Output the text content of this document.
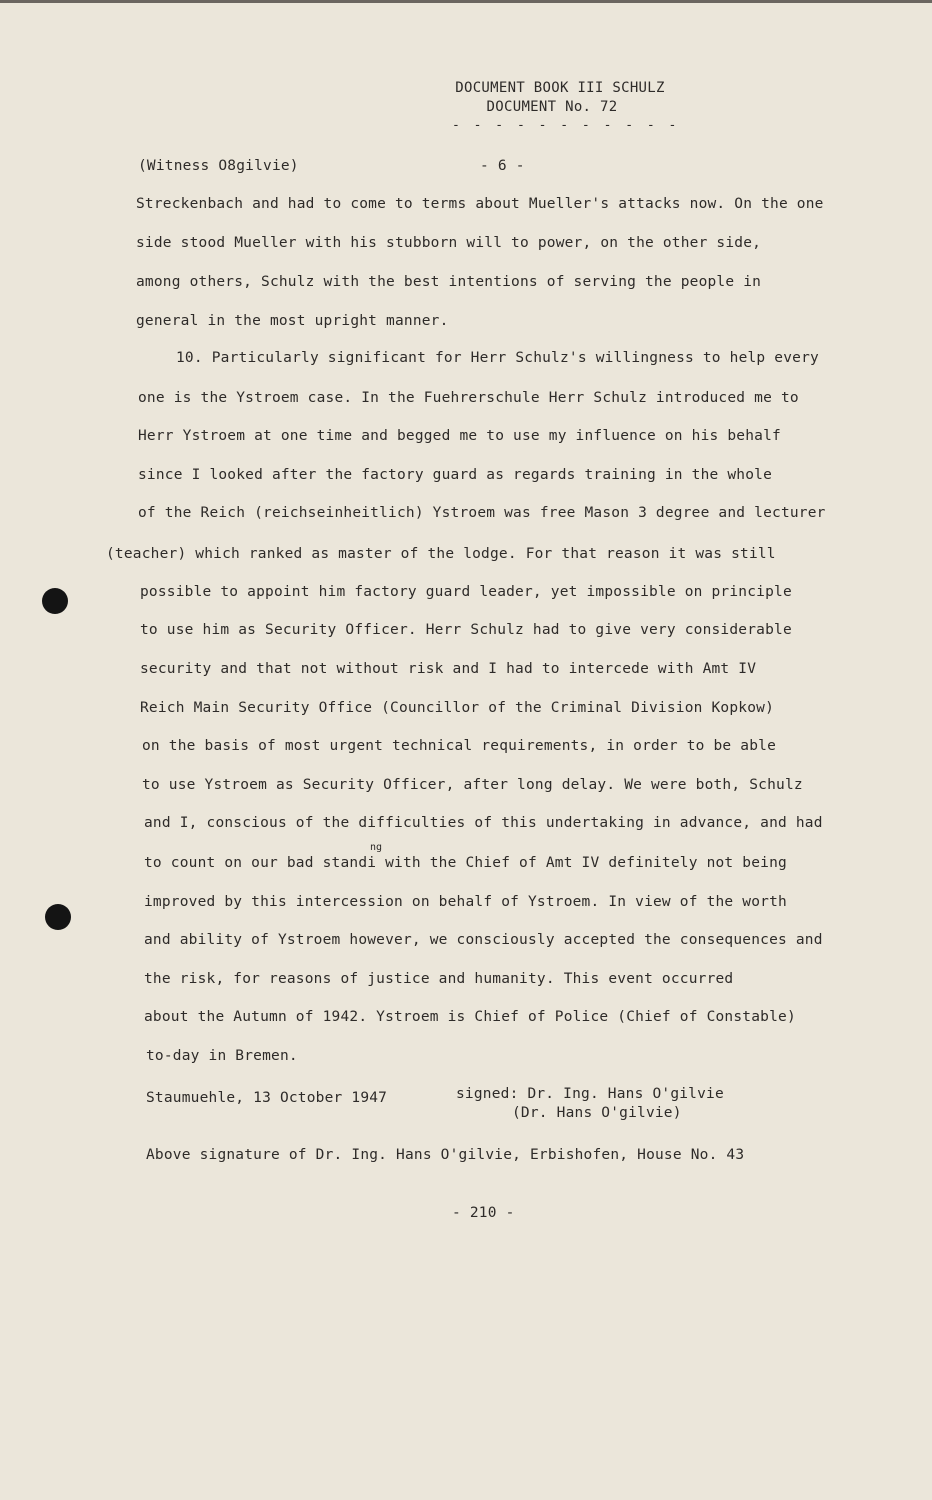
DOCUMENT BOOK III SCHULZ
DOCUMENT No. 72
- - - - - - - - - - -
(Witness O8gilvie)	- 6 -
Streckenbach and had to come to terms about Mueller's attacks now. On the one
side stood Mueller with his stubborn will to power, on the other side,
among others, Schulz with the best intentions of serving the people in
general in the most upright manner.
10. Particularly significant for Herr Schulz's willingness to help every
one is the Ystroem case. In the Fuehrerschule Herr Schulz introduced me to
Herr Ystroem at one time and begged me to use my influence on his behalf
since I looked after the factory guard as regards training in the whole
of the Reich (reichseinheitlich) Ystroem was free Mason 3 degree and lecturer
(teacher) which ranked as master of the lodge. For that reason it was still
possible to appoint him factory guard leader, yet impossible on principle
to use him as Security Officer. Herr Schulz had to give very considerable
security and that not without risk and I had to intercede with Amt IV
Reich Main Security Office (Councillor of the Criminal Division Kopkow)
on the basis of most urgent technical requirements, in order to be able
to use Ystroem as Security Officer, after long delay. We were both, Schulz
and I, conscious of the difficulties of this undertaking in advance, and had
ng
to count on our bad standi with the Chief of Amt IV definitely not being
improved by this intercession on behalf of Ystroem. In view of the worth
and ability of Ystroem however, we consciously accepted the consequences and
the risk, for reasons of justice and humanity. This event occurred
about the Autumn of 1942. Ystroem is Chief of Police (Chief of Constable)
to-day in Bremen.
Staumuehle, 13 October 1947	signed: Dr. Ing. Hans O'gilvie
(Dr. Hans O'gilvie)
Above signature of Dr. Ing. Hans O'gilvie, Erbishofen, House No. 43
- 210 -
